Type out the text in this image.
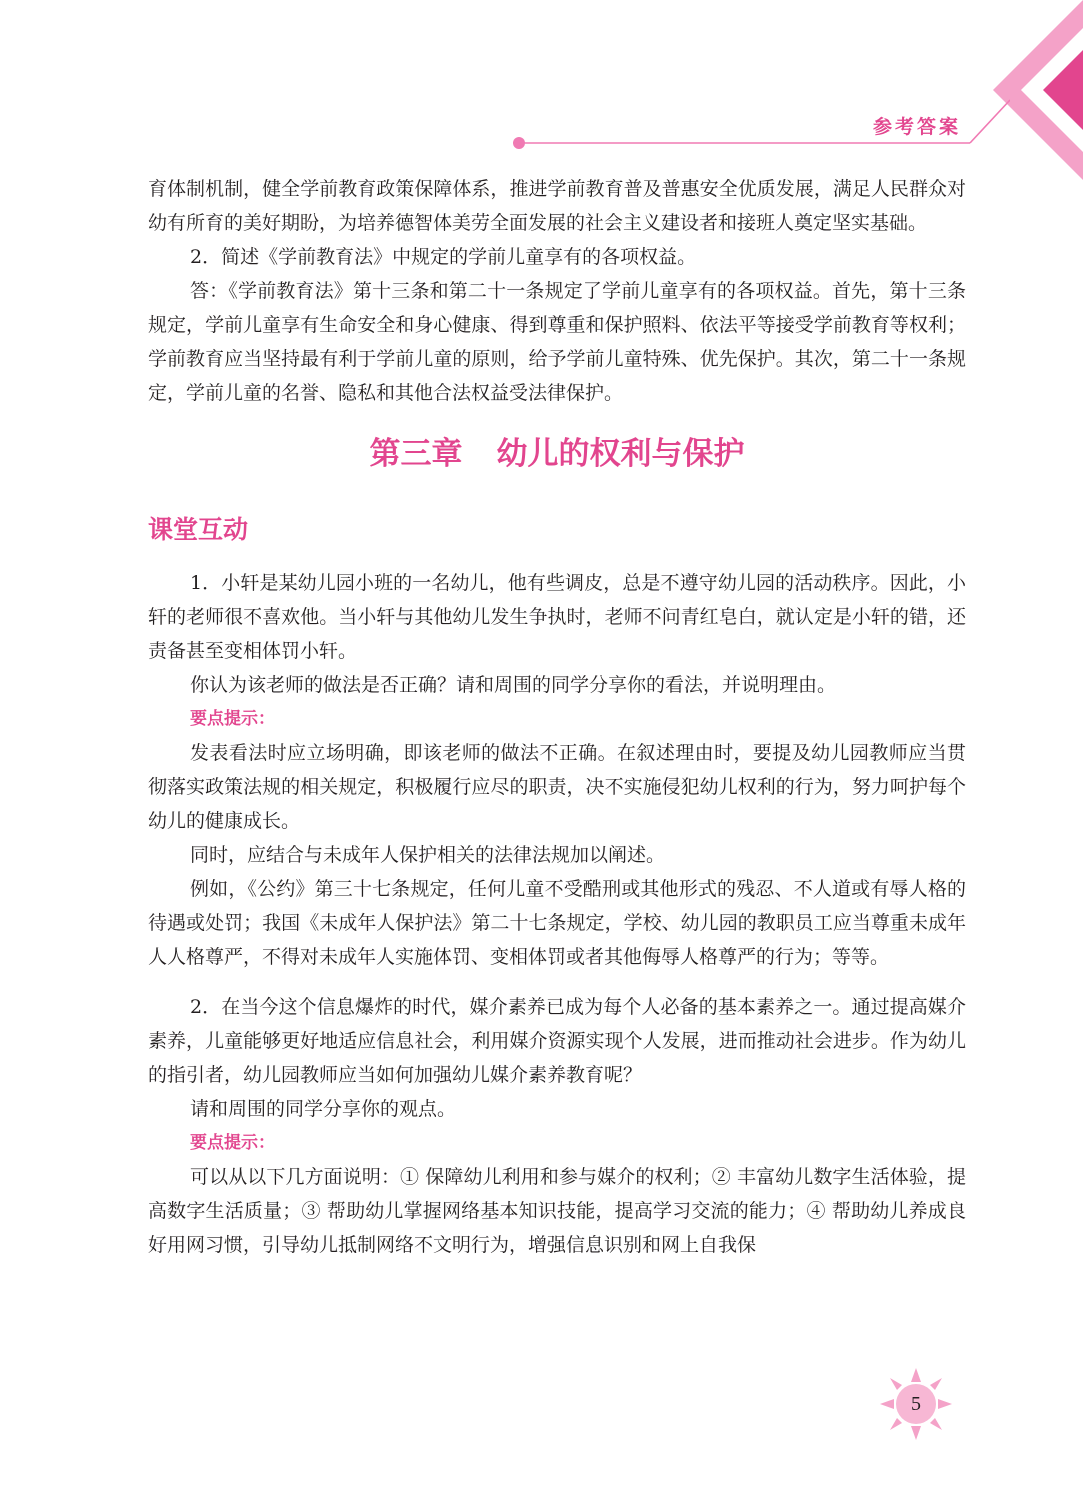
参考答案

育体制机制，健全学前教育政策保障体系，推进学前教育普及普惠安全优质发展，满足人民群众对幼有所育的美好期盼，为培养德智体美劳全面发展的社会主义建设者和接班人奠定坚实基础。

2．简述《学前教育法》中规定的学前儿童享有的各项权益。

答：《学前教育法》第十三条和第二十一条规定了学前儿童享有的各项权益。首先，第十三条规定，学前儿童享有生命安全和身心健康、得到尊重和保护照料、依法平等接受学前教育等权利；学前教育应当坚持最有利于学前儿童的原则，给予学前儿童特殊、优先保护。其次，第二十一条规定，学前儿童的名誉、隐私和其他合法权益受法律保护。

第三章 幼儿的权利与保护
课堂互动

1．小轩是某幼儿园小班的一名幼儿，他有些调皮，总是不遵守幼儿园的活动秩序。因此，小轩的老师很不喜欢他。当小轩与其他幼儿发生争执时，老师不问青红皂白，就认定是小轩的错，还责备甚至变相体罚小轩。

你认为该老师的做法是否正确？请和周围的同学分享你的看法，并说明理由。

要点提示：

发表看法时应立场明确，即该老师的做法不正确。在叙述理由时，要提及幼儿园教师应当贯彻落实政策法规的相关规定，积极履行应尽的职责，决不实施侵犯幼儿权利的行为，努力呵护每个幼儿的健康成长。

同时，应结合与未成年人保护相关的法律法规加以阐述。

例如，《公约》第三十七条规定，任何儿童不受酷刑或其他形式的残忍、不人道或有辱人格的待遇或处罚；我国《未成年人保护法》第二十七条规定，学校、幼儿园的教职员工应当尊重未成年人人格尊严，不得对未成年人实施体罚、变相体罚或者其他侮辱人格尊严的行为；等等。

2．在当今这个信息爆炸的时代，媒介素养已成为每个人必备的基本素养之一。通过提高媒介素养，儿童能够更好地适应信息社会，利用媒介资源实现个人发展，进而推动社会进步。作为幼儿的指引者，幼儿园教师应当如何加强幼儿媒介素养教育呢？

请和周围的同学分享你的观点。

要点提示：

可以从以下几方面说明：① 保障幼儿利用和参与媒介的权利；② 丰富幼儿数字生活体验，提高数字生活质量；③ 帮助幼儿掌握网络基本知识技能，提高学习交流的能力；④ 帮助幼儿养成良好用网习惯，引导幼儿抵制网络不文明行为，增强信息识别和网上自我保

5
